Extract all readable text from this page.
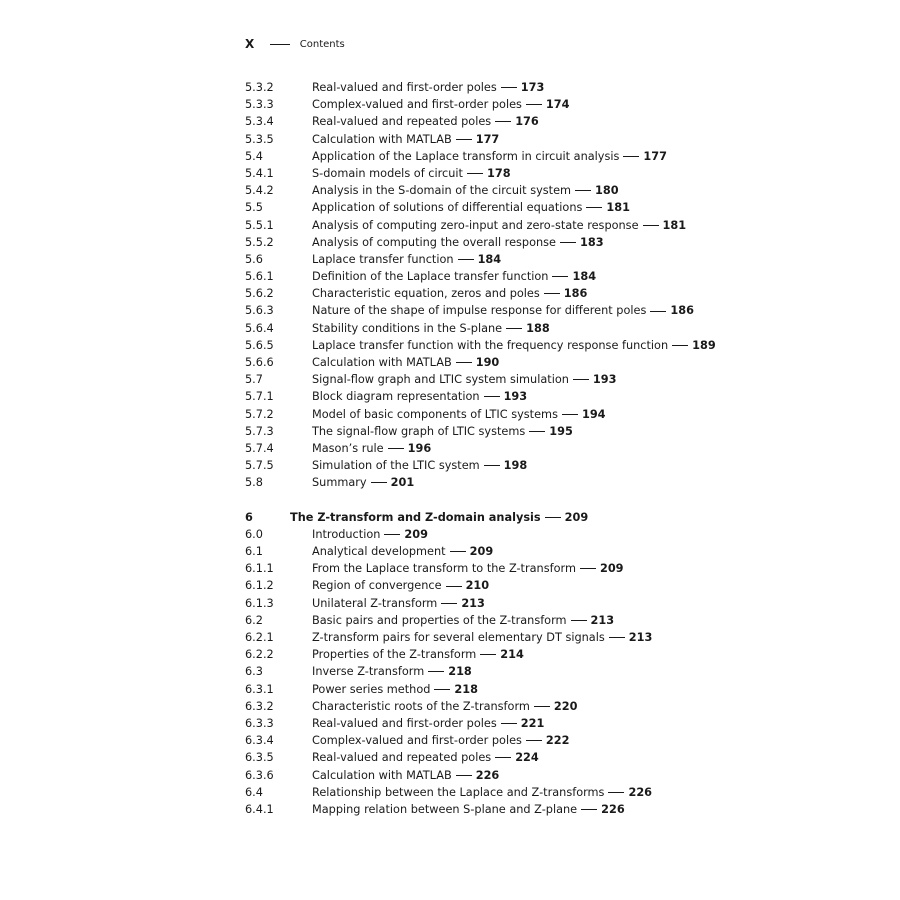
X	Contents
5.3.2	Real-valued and first-order poles 173
5.3.3	Complex-valued and first-order poles 174
5.3.4	Real-valued and repeated poles 176
5.3.5	Calculation with MATLAB 177
5.4	Application of the Laplace transform in circuit analysis 177
5.4.1	S-domain models of circuit 178
5.4.2	Analysis in the S-domain of the circuit system 180
5.5	Application of solutions of differential equations 181
5.5.1	Analysis of computing zero-input and zero-state response 181
5.5.2	Analysis of computing the overall response 183
5.6	Laplace transfer function 184
5.6.1	Definition of the Laplace transfer function 184
5.6.2	Characteristic equation, zeros and poles 186
5.6.3	Nature of the shape of impulse response for different poles 186
5.6.4	Stability conditions in the S-plane 188
5.6.5	Laplace transfer function with the frequency response function 189
5.6.6	Calculation with MATLAB 190
5.7	Signal-flow graph and LTIC system simulation 193
5.7.1	Block diagram representation 193
5.7.2	Model of basic components of LTIC systems 194
5.7.3	The signal-flow graph of LTIC systems 195
5.7.4	Mason’s rule 196
5.7.5	Simulation of the LTIC system 198
5.8	Summary 201
6	The Z-transform and Z-domain analysis 209
6.0	Introduction 209
6.1	Analytical development 209
6.1.1	From the Laplace transform to the Z-transform 209
6.1.2	Region of convergence 210
6.1.3	Unilateral Z-transform 213
6.2	Basic pairs and properties of the Z-transform 213
6.2.1	Z-transform pairs for several elementary DT signals 213
6.2.2	Properties of the Z-transform 214
6.3	Inverse Z-transform 218
6.3.1	Power series method 218
6.3.2	Characteristic roots of the Z-transform 220
6.3.3	Real-valued and first-order poles 221
6.3.4	Complex-valued and first-order poles 222
6.3.5	Real-valued and repeated poles 224
6.3.6	Calculation with MATLAB 226
6.4	Relationship between the Laplace and Z-transforms 226
6.4.1	Mapping relation between S-plane and Z-plane 226
